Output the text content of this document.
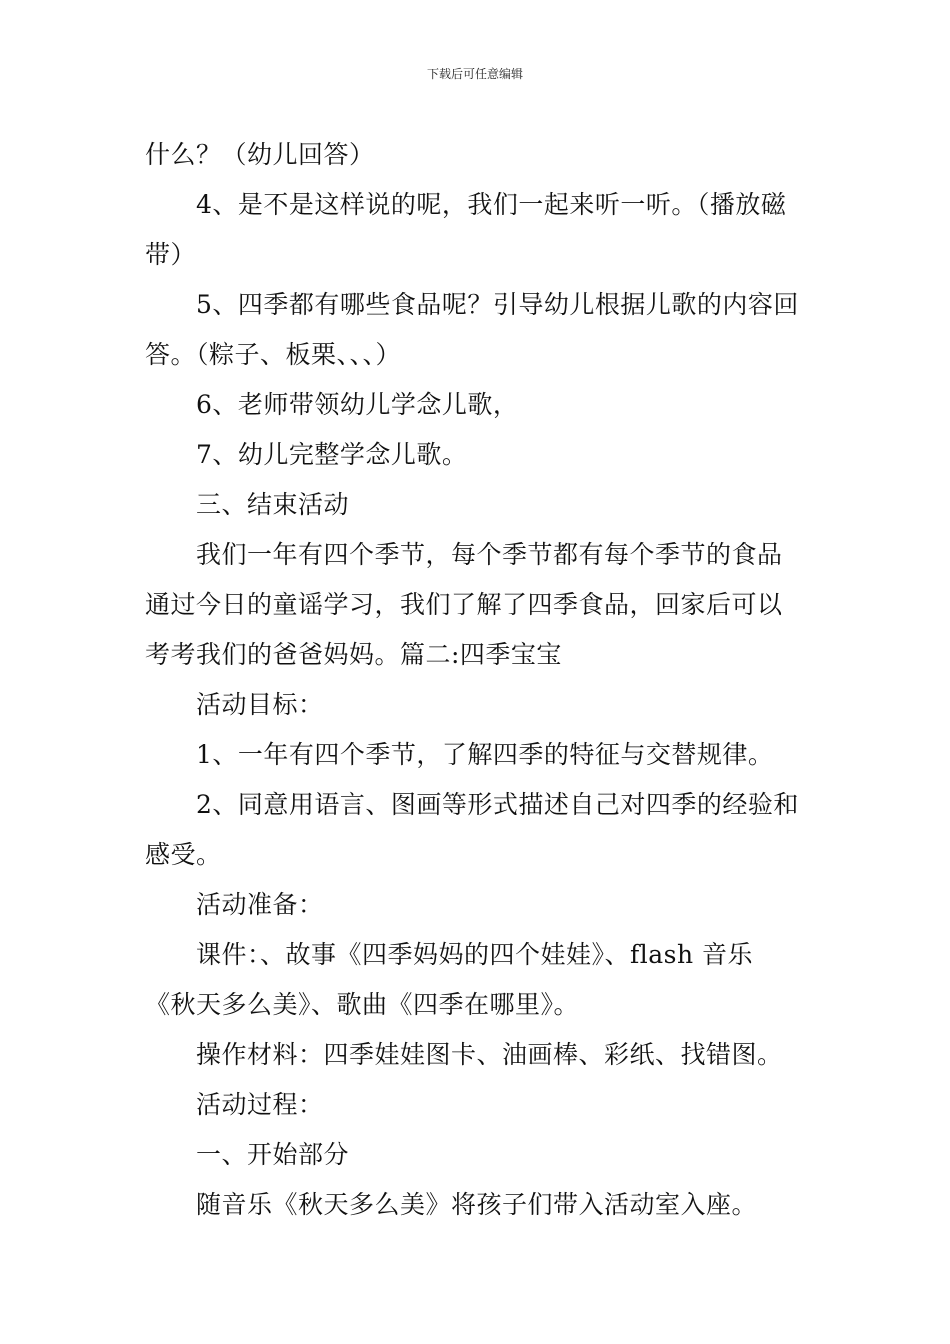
下载后可任意编辑

什么？（幼儿回答）

4、是不是这样说的呢，我们一起来听一听。（播放磁

带）

5、四季都有哪些食品呢？引导幼儿根据儿歌的内容回

答。（粽子、板栗、、、）

6、老师带领幼儿学念儿歌，

7、幼儿完整学念儿歌。

三、结束活动

我们一年有四个季节，每个季节都有每个季节的食品

通过今日的童谣学习，我们了解了四季食品，回家后可以

考考我们的爸爸妈妈。篇二:四季宝宝

活动目标：

1、一年有四个季节，了解四季的特征与交替规律。

2、同意用语言、图画等形式描述自己对四季的经验和

感受。

活动准备：

课件：、故事《四季妈妈的四个娃娃》、flash 音乐

《秋天多么美》、歌曲《四季在哪里》。

操作材料：四季娃娃图卡、油画棒、彩纸、找错图。

活动过程：

一、开始部分

随音乐《秋天多么美》将孩子们带入活动室入座。
